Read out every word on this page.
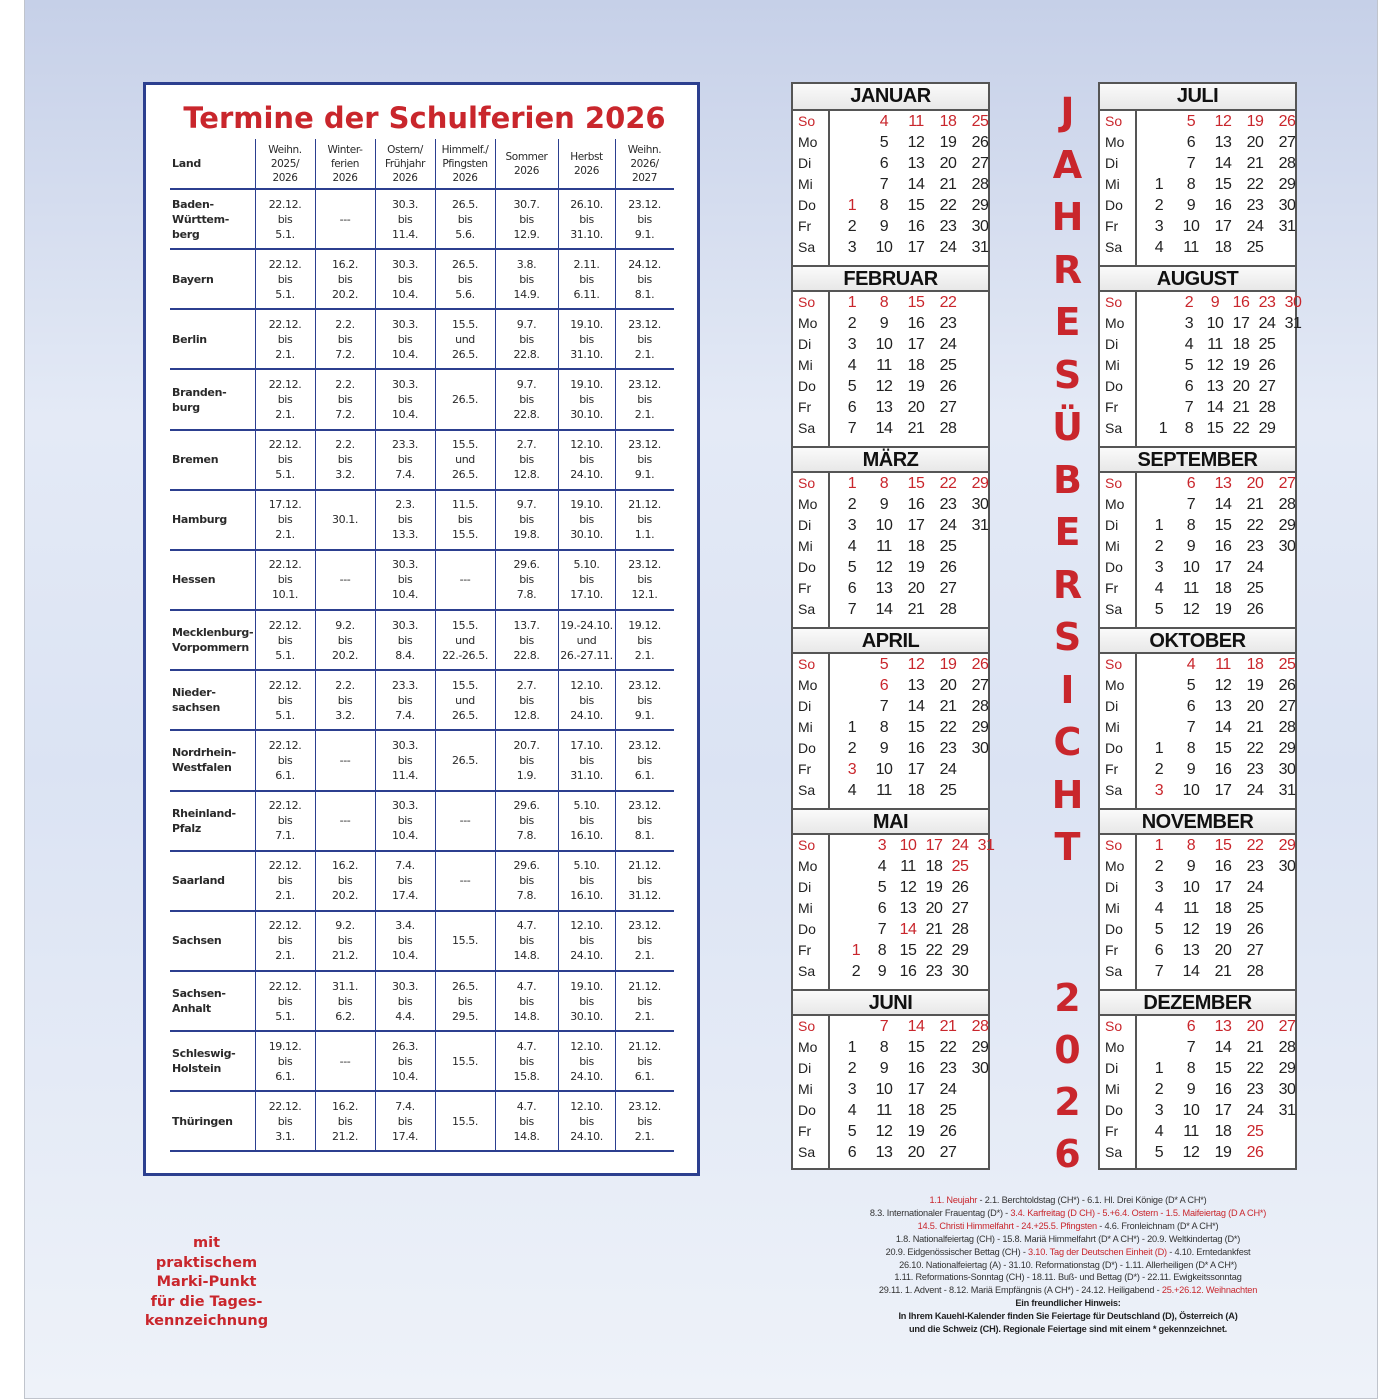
Termine der Schulferien 2026
Land
Weihn.
2025/
2026
Winter-
ferien
2026
Ostern/
Frühjahr
2026
Himmelf./
Pfingsten
2026
Sommer
2026
Herbst
2026
Weihn.
2026/
2027
Baden-
Württem-
berg
22.12.
bis
5.1.
---
30.3.
bis
11.4.
26.5.
bis
5.6.
30.7.
bis
12.9.
26.10.
bis
31.10.
23.12.
bis
9.1.
Bayern
22.12.
bis
5.1.
16.2.
bis
20.2.
30.3.
bis
10.4.
26.5.
bis
5.6.
3.8.
bis
14.9.
2.11.
bis
6.11.
24.12.
bis
8.1.
Berlin
22.12.
bis
2.1.
2.2.
bis
7.2.
30.3.
bis
10.4.
15.5.
und
26.5.
9.7.
bis
22.8.
19.10.
bis
31.10.
23.12.
bis
2.1.
Branden-
burg
22.12.
bis
2.1.
2.2.
bis
7.2.
30.3.
bis
10.4.
26.5.
9.7.
bis
22.8.
19.10.
bis
30.10.
23.12.
bis
2.1.
Bremen
22.12.
bis
5.1.
2.2.
bis
3.2.
23.3.
bis
7.4.
15.5.
und
26.5.
2.7.
bis
12.8.
12.10.
bis
24.10.
23.12.
bis
9.1.
Hamburg
17.12.
bis
2.1.
30.1.
2.3.
bis
13.3.
11.5.
bis
15.5.
9.7.
bis
19.8.
19.10.
bis
30.10.
21.12.
bis
1.1.
Hessen
22.12.
bis
10.1.
---
30.3.
bis
10.4.
---
29.6.
bis
7.8.
5.10.
bis
17.10.
23.12.
bis
12.1.
Mecklenburg-
Vorpommern
22.12.
bis
5.1.
9.2.
bis
20.2.
30.3.
bis
8.4.
15.5.
und
22.-26.5.
13.7.
bis
22.8.
19.-24.10.
und
26.-27.11.
19.12.
bis
2.1.
Nieder-
sachsen
22.12.
bis
5.1.
2.2.
bis
3.2.
23.3.
bis
7.4.
15.5.
und
26.5.
2.7.
bis
12.8.
12.10.
bis
24.10.
23.12.
bis
9.1.
Nordrhein-
Westfalen
22.12.
bis
6.1.
---
30.3.
bis
11.4.
26.5.
20.7.
bis
1.9.
17.10.
bis
31.10.
23.12.
bis
6.1.
Rheinland-
Pfalz
22.12.
bis
7.1.
---
30.3.
bis
10.4.
---
29.6.
bis
7.8.
5.10.
bis
16.10.
23.12.
bis
8.1.
Saarland
22.12.
bis
2.1.
16.2.
bis
20.2.
7.4.
bis
17.4.
---
29.6.
bis
7.8.
5.10.
bis
16.10.
21.12.
bis
31.12.
Sachsen
22.12.
bis
2.1.
9.2.
bis
21.2.
3.4.
bis
10.4.
15.5.
4.7.
bis
14.8.
12.10.
bis
24.10.
23.12.
bis
2.1.
Sachsen-
Anhalt
22.12.
bis
5.1.
31.1.
bis
6.2.
30.3.
bis
4.4.
26.5.
bis
29.5.
4.7.
bis
14.8.
19.10.
bis
30.10.
21.12.
bis
2.1.
Schleswig-
Holstein
19.12.
bis
6.1.
---
26.3.
bis
10.4.
15.5.
4.7.
bis
15.8.
12.10.
bis
24.10.
21.12.
bis
6.1.
Thüringen
22.12.
bis
3.1.
16.2.
bis
21.2.
7.4.
bis
17.4.
15.5.
4.7.
bis
14.8.
12.10.
bis
24.10.
23.12.
bis
2.1.
mit
praktischem
Marki-Punkt
für die Tages-
kennzeichnung
JANUAR
So
Mo
Di
Mi
Do
Fr
Sa
1
2
3
4
5
6
7
8
9
10
11
12
13
14
15
16
17
18
19
20
21
22
23
24
25
26
27
28
29
30
31
FEBRUAR
So
Mo
Di
Mi
Do
Fr
Sa
1
2
3
4
5
6
7
8
9
10
11
12
13
14
15
16
17
18
19
20
21
22
23
24
25
26
27
28
MÄRZ
So
Mo
Di
Mi
Do
Fr
Sa
1
2
3
4
5
6
7
8
9
10
11
12
13
14
15
16
17
18
19
20
21
22
23
24
25
26
27
28
29
30
31
APRIL
So
Mo
Di
Mi
Do
Fr
Sa
1
2
3
4
5
6
7
8
9
10
11
12
13
14
15
16
17
18
19
20
21
22
23
24
25
26
27
28
29
30
MAI
So
Mo
Di
Mi
Do
Fr
Sa
1
2
3
4
5
6
7
8
9
10
11
12
13
14
15
16
17
18
19
20
21
22
23
24
25
26
27
28
29
30
31
JUNI
So
Mo
Di
Mi
Do
Fr
Sa
1
2
3
4
5
6
7
8
9
10
11
12
13
14
15
16
17
18
19
20
21
22
23
24
25
26
27
28
29
30
JULI
So
Mo
Di
Mi
Do
Fr
Sa
1
2
3
4
5
6
7
8
9
10
11
12
13
14
15
16
17
18
19
20
21
22
23
24
25
26
27
28
29
30
31
AUGUST
So
Mo
Di
Mi
Do
Fr
Sa	1
2
3
4
5
6
7
8
9
10
11
12
13
14
15
16
17
18
19
20
21
22
23
24
25
26
27
28
29
30
31
SEPTEMBER
So
Mo
Di
Mi
Do
Fr
Sa
1
2
3
4
5
6
7
8
9
10
11
12
13
14
15
16
17
18
19
20
21
22
23
24
25
26
27
28
29
30
OKTOBER
So
Mo
Di
Mi
Do
Fr
Sa
1
2
3
4
5
6
7
8
9
10
11
12
13
14
15
16
17
18
19
20
21
22
23
24
25
26
27
28
29
30
31
NOVEMBER
So
Mo
Di
Mi
Do
Fr
Sa
1
2
3
4
5
6
7
8
9
10
11
12
13
14
15
16
17
18
19
20
21
22
23
24
25
26
27
28
29
30
DEZEMBER
So
Mo
Di
Mi
Do
Fr
Sa
1
2
3
4
5
6
7
8
9
10
11
12
13
14
15
16
17
18
19
20
21
22
23
24
25
26
27
28
29
30
31
J
A
H
R
E
S
Ü
B
E
R
S
I
C
H
T
2
0
2
6
1.1. Neujahr - 2.1. Berchtoldstag (CH*) - 6.1. Hl. Drei Könige (D* A CH*)
8.3. Internationaler Frauentag (D*) - 3.4. Karfreitag (D CH) - 5.+6.4. Ostern - 1.5. Maifeiertag (D A CH*)
14.5. Christi Himmelfahrt - 24.+25.5. Pfingsten - 4.6. Fronleichnam (D* A CH*)
1.8. Nationalfeiertag (CH) - 15.8. Mariä Himmelfahrt (D* A CH*) - 20.9. Weltkindertag (D*)
20.9. Eidgenössischer Bettag (CH) - 3.10. Tag der Deutschen Einheit (D) - 4.10. Erntedankfest
26.10. Nationalfeiertag (A) - 31.10. Reformationstag (D*) - 1.11. Allerheiligen (D* A CH*)
1.11. Reformations-Sonntag (CH) - 18.11. Buß- und Bettag (D*) - 22.11. Ewigkeitssonntag
29.11. 1. Advent - 8.12. Mariä Empfängnis (A CH*) - 24.12. Heiligabend - 25.+26.12. Weihnachten
Ein freundlicher Hinweis:
In Ihrem Kauehl-Kalender finden Sie Feiertage für Deutschland (D), Österreich (A)
und die Schweiz (CH). Regionale Feiertage sind mit einem * gekennzeichnet.
